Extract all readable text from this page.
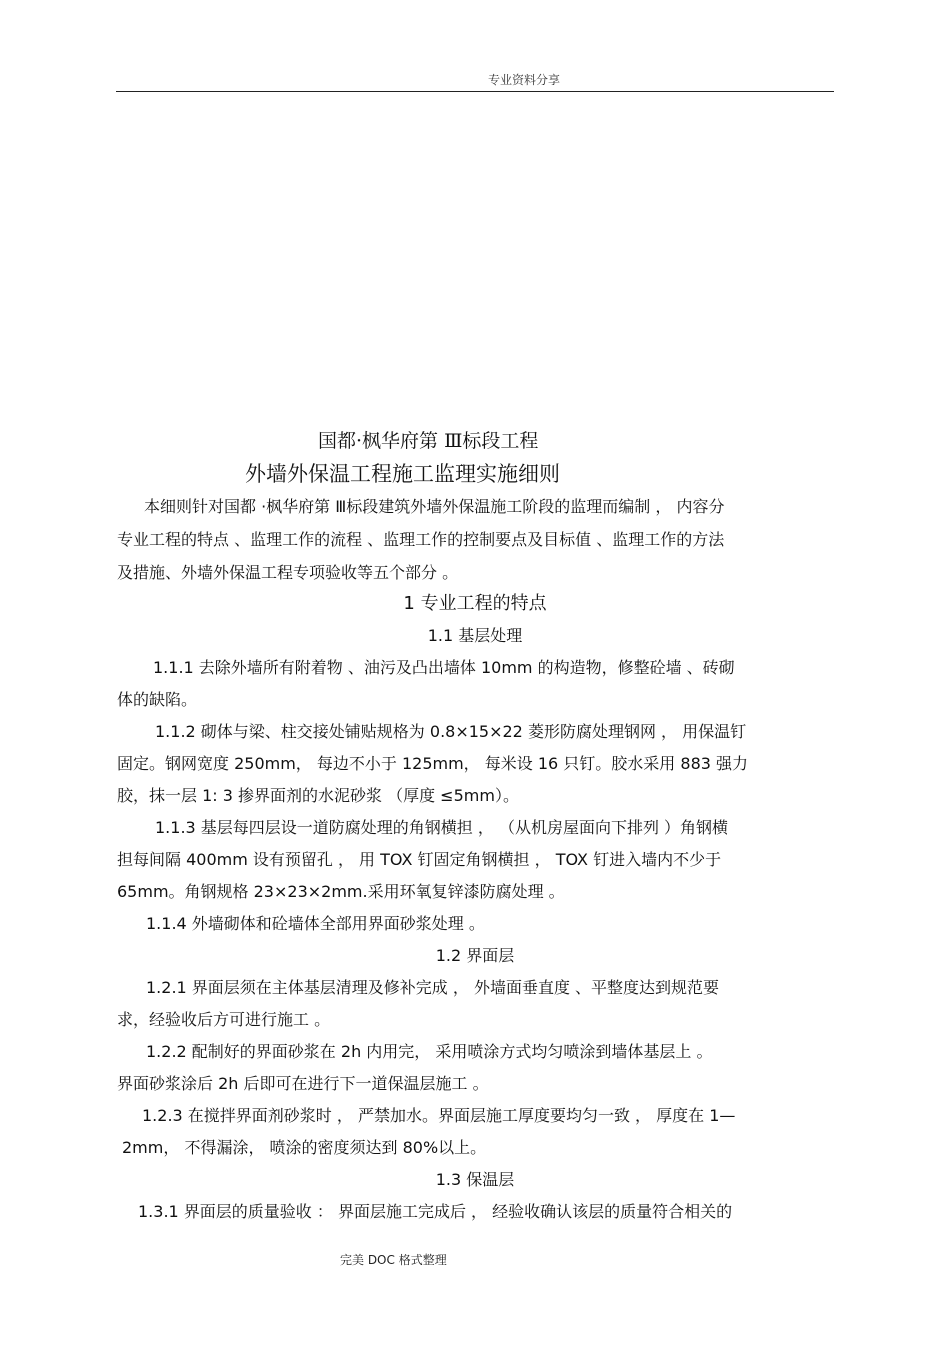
专业资料分享
国都·枫华府第 Ⅲ标段工程
外墙外保温工程施工监理实施细则
本细则针对国都 ·枫华府第 Ⅲ标段建筑外墙外保温施工阶段的监理而编制 ， 内容分
专业工程的特点 、监理工作的流程 、监理工作的控制要点及目标值 、监理工作的方法
及措施、外墙外保温工程专项验收等五个部分 。
1 专业工程的特点
1.1 基层处理
1.1.1 去除外墙所有附着物 、油污及凸出墙体 10mm 的构造物，修整砼墙 、砖砌
体的缺陷。
1.1.2 砌体与梁、柱交接处铺贴规格为 0.8×15×22 菱形防腐处理钢网 ， 用保温钉
固定。钢网宽度 250mm， 每边不小于 125mm， 每米设 16 只钉。胶水采用 883 强力
胶，抹一层 1: 3 掺界面剂的水泥砂浆 （厚度 ≤5mm）。
1.1.3 基层每四层设一道防腐处理的角钢横担 ， （从机房屋面向下排列 ）角钢横
担每间隔 400mm 设有预留孔 ， 用 TOX 钉固定角钢横担 ， TOX 钉进入墙内不少于
65mm。角钢规格 23×23×2mm.采用环氧复锌漆防腐处理 。
1.1.4 外墙砌体和砼墙体全部用界面砂浆处理 。
1.2 界面层
1.2.1 界面层须在主体基层清理及修补完成 ， 外墙面垂直度 、平整度达到规范要
求，经验收后方可进行施工 。
1.2.2 配制好的界面砂浆在 2h 内用完， 采用喷涂方式均匀喷涂到墙体基层上 。
界面砂浆涂后 2h 后即可在进行下一道保温层施工 。
1.2.3 在搅拌界面剂砂浆时 ， 严禁加水。界面层施工厚度要均匀一致 ， 厚度在 1—
2mm， 不得漏涂， 喷涂的密度须达到 80%以上。
1.3 保温层
1.3.1 界面层的质量验收 ： 界面层施工完成后 ， 经验收确认该层的质量符合相关的
完美 DOC 格式整理
